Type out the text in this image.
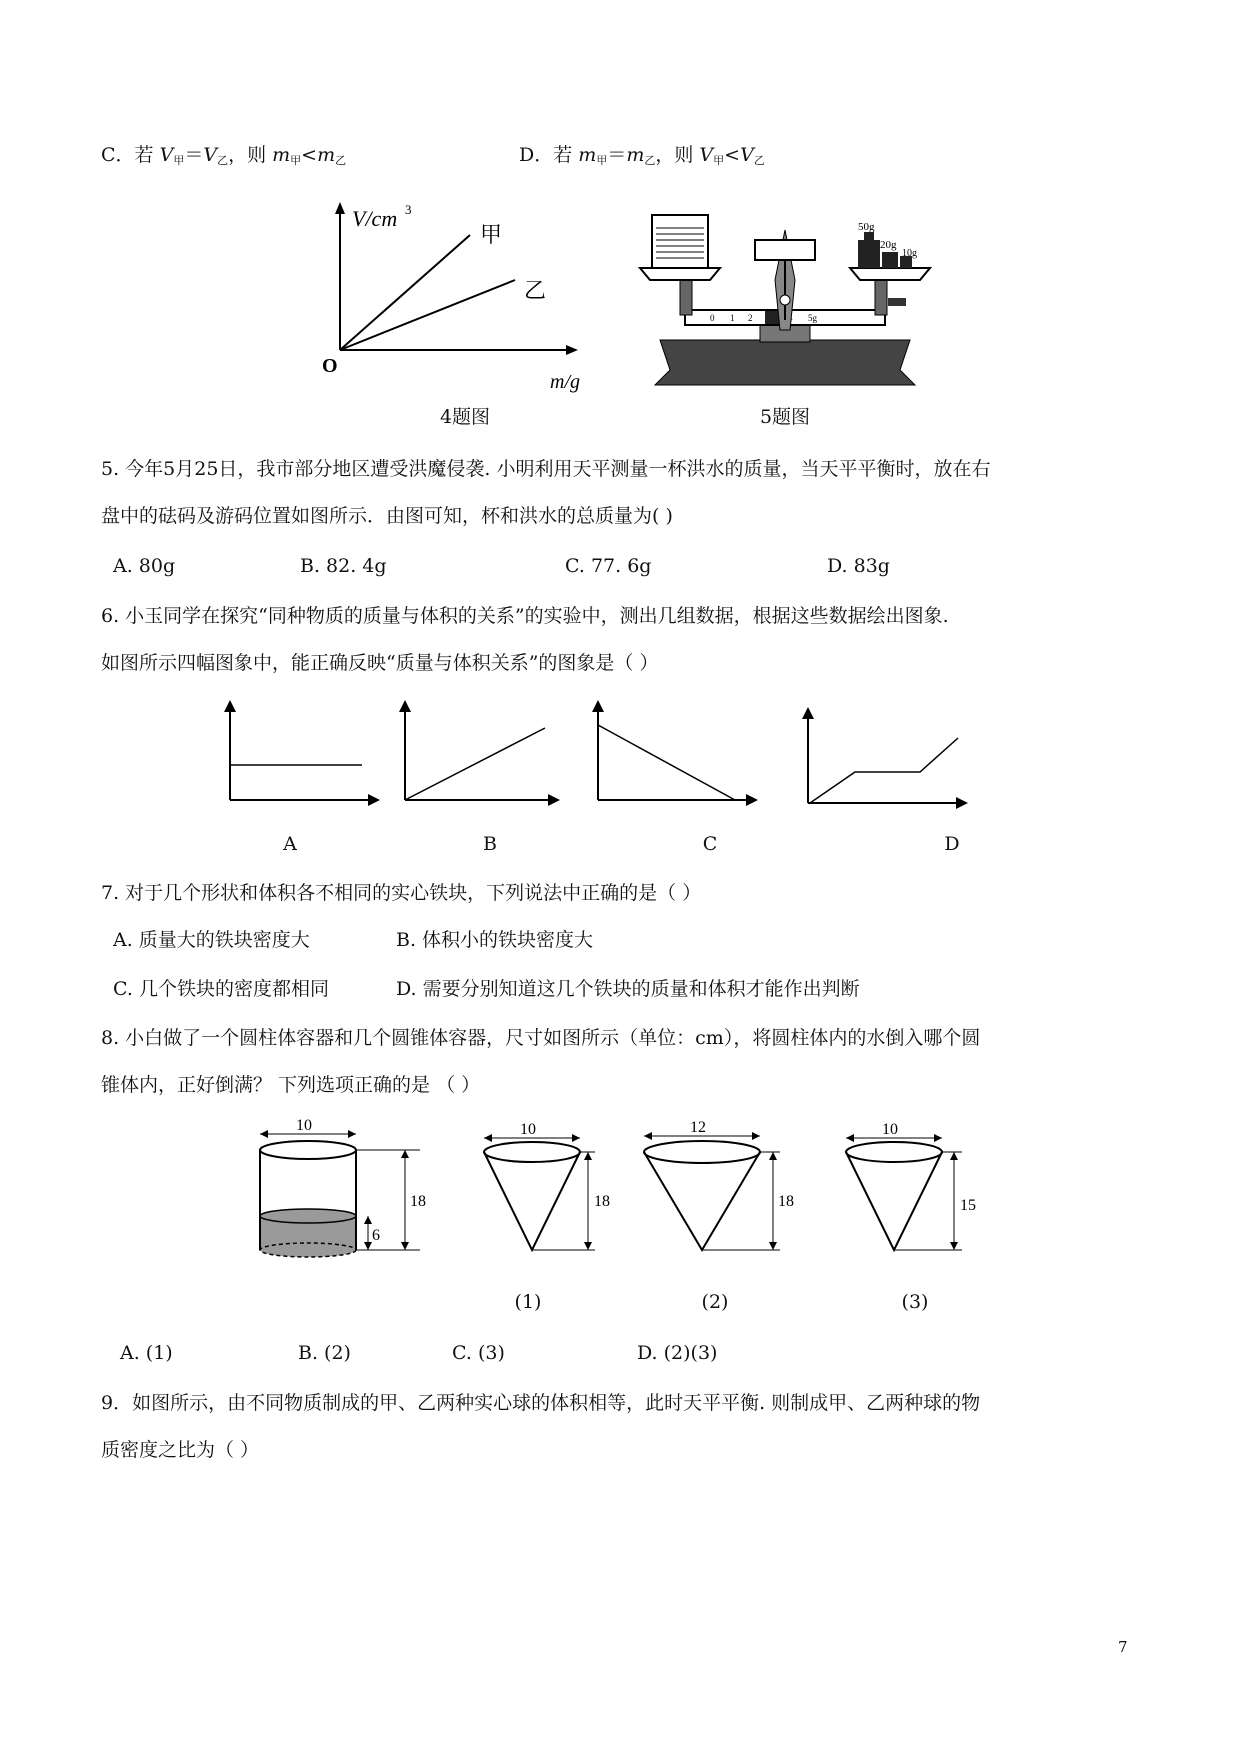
C．若 $V_甲=V_乙$，则 $m_甲<m_乙$	D．若 $m_甲=m_乙$，则 $V_甲<V_乙$
V/cm 3
甲
乙
O
m/g
4题图
0 1 2	5g
50g
20g
10g
5题图
5. 今年5月25日，我市部分地区遭受洪魔侵袭. 小明利用天平测量一杯洪水的质量，当天平平衡时，放在右
盘中的砝码及游码位置如图所示．由图可知，杯和洪水的总质量为( )
A. 80g	B. 82. 4g	C. 77. 6g	D. 83g
6. 小玉同学在探究“同种物质的质量与体积的关系”的实验中，测出几组数据，根据这些数据绘出图象.
如图所示四幅图象中，能正确反映“质量与体积关系”的图象是（ ）
A	B	C	D
7. 对于几个形状和体积各不相同的实心铁块，下列说法中正确的是（ ）
A. 质量大的铁块密度大	B. 体积小的铁块密度大
C. 几个铁块的密度都相同	D. 需要分别知道这几个铁块的质量和体积才能作出判断
8. 小白做了一个圆柱体容器和几个圆锥体容器，尺寸如图所示（单位：cm），将圆柱体内的水倒入哪个圆
锥体内，正好倒满？ 下列选项正确的是 （ ）
10
18
6
10
18
12
18
10
15
(1)	(2)	(3)
A. (1)	B. (2)	C. (3)	D. (2)(3)
9．如图所示，由不同物质制成的甲、乙两种实心球的体积相等，此时天平平衡. 则制成甲、乙两种球的物
质密度之比为（ ）
7
